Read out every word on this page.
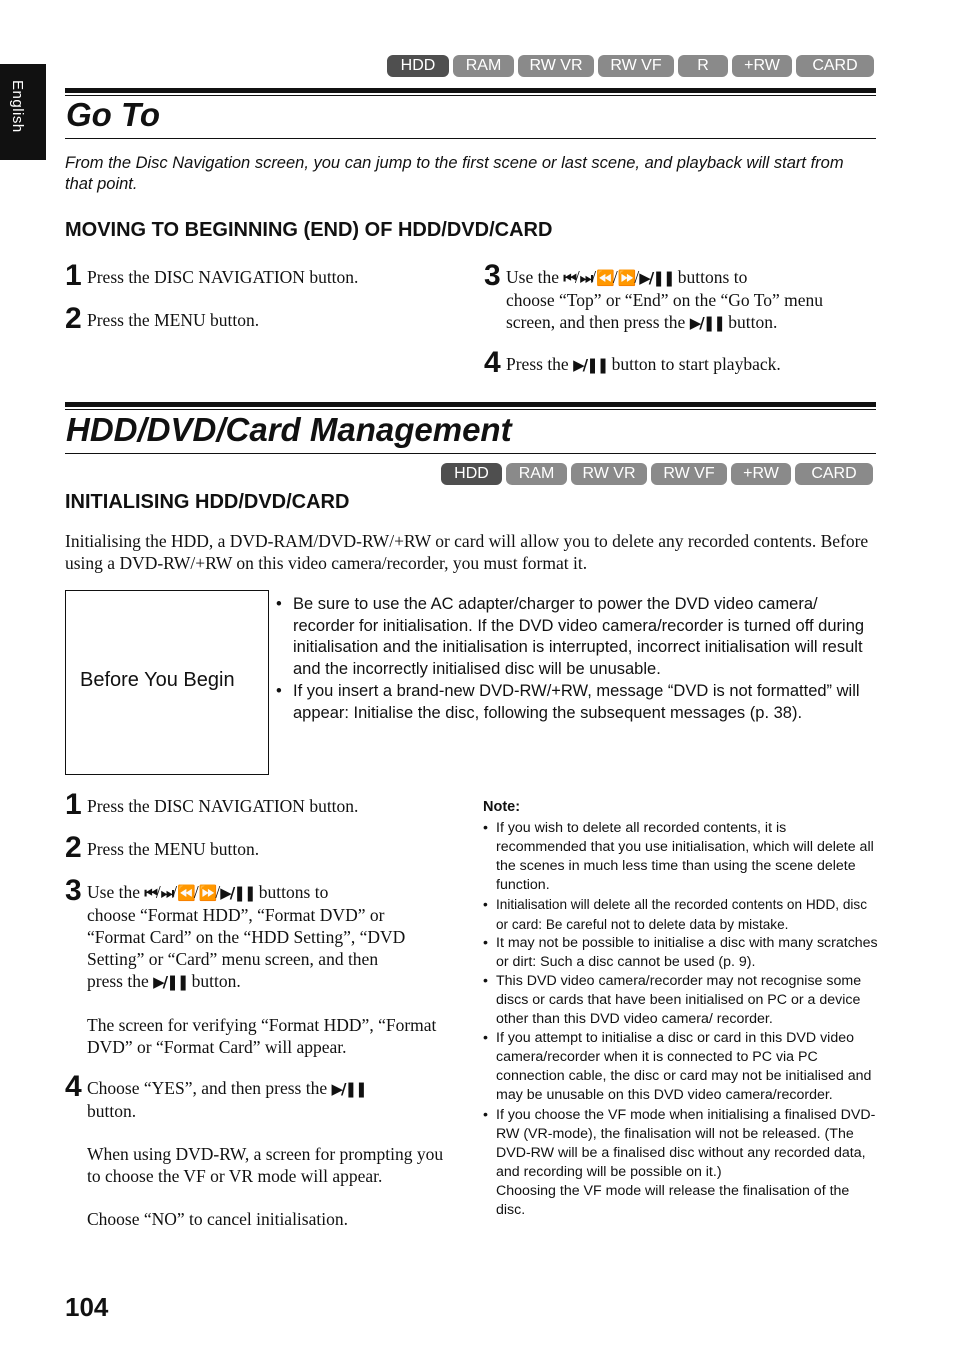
English
HDD	RAM	RW VR	RW VF	R	+RW	CARD
Go To
From the Disc Navigation screen, you can jump to the first scene or last scene, and playback will start from that point.
MOVING TO BEGINNING (END) OF HDD/DVD/CARD
1 Press the DISC NAVIGATION button.
2 Press the MENU button.
3 Use the ⏮/⏭/⏪/⏩/▶/❚❚ buttons to
choose “Top” or “End” on the “Go To” menu
screen, and then press the ▶/❚❚ button.
4 Press the ▶/❚❚ button to start playback.
HDD/DVD/Card Management
HDD	RAM	RW VR	RW VF	+RW	CARD
INITIALISING HDD/DVD/CARD
Initialising the HDD, a DVD-RAM/DVD-RW/+RW or card will allow you to delete any recorded contents. Before using a DVD-RW/+RW on this video camera/recorder, you must format it.
Before You Begin
• Be sure to use the AC adapter/charger to power the DVD video camera/ recorder for initialisation. If the DVD video camera/recorder is turned off during initialisation and the initialisation is interrupted, incorrect initialisation will result and the incorrectly initialised disc will be unusable.
• If you insert a brand-new DVD-RW/+RW, message “DVD is not formatted” will appear: Initialise the disc, following the subsequent messages (p. 38).
1 Press the DISC NAVIGATION button.
2 Press the MENU button.
3 Use the ⏮/⏭/⏪/⏩/▶/❚❚ buttons to
choose “Format HDD”, “Format DVD” or
“Format Card” on the “HDD Setting”, “DVD
Setting” or “Card” menu screen, and then
press the ▶/❚❚ button.

The screen for verifying “Format HDD”, “Format DVD” or “Format Card” will appear.

4 Choose “YES”, and then press the ▶/❚❚
button.

When using DVD-RW, a screen for prompting you to choose the VF or VR mode will appear.

Choose “NO” to cancel initialisation.

Note:
• If you wish to delete all recorded contents, it is recommended that you use initialisation, which will delete all the scenes in much less time than using the scene delete function.
• Initialisation will delete all the recorded contents on HDD, disc or card: Be careful not to delete data by mistake.
• It may not be possible to initialise a disc with many scratches or dirt: Such a disc cannot be used (p. 9).
• This DVD video camera/recorder may not recognise some discs or cards that have been initialised on PC or a device other than this DVD video camera/ recorder.
• If you attempt to initialise a disc or card in this DVD video camera/recorder when it is connected to PC via PC connection cable, the disc or card may not be initialised and may be unusable on this DVD video camera/recorder.
• If you choose the VF mode when initialising a finalised DVD-RW (VR-mode), the finalisation will not be released. (The DVD-RW will be a finalised disc without any recorded data, and recording will be possible on it.)
Choosing the VF mode will release the finalisation of the disc.
104
